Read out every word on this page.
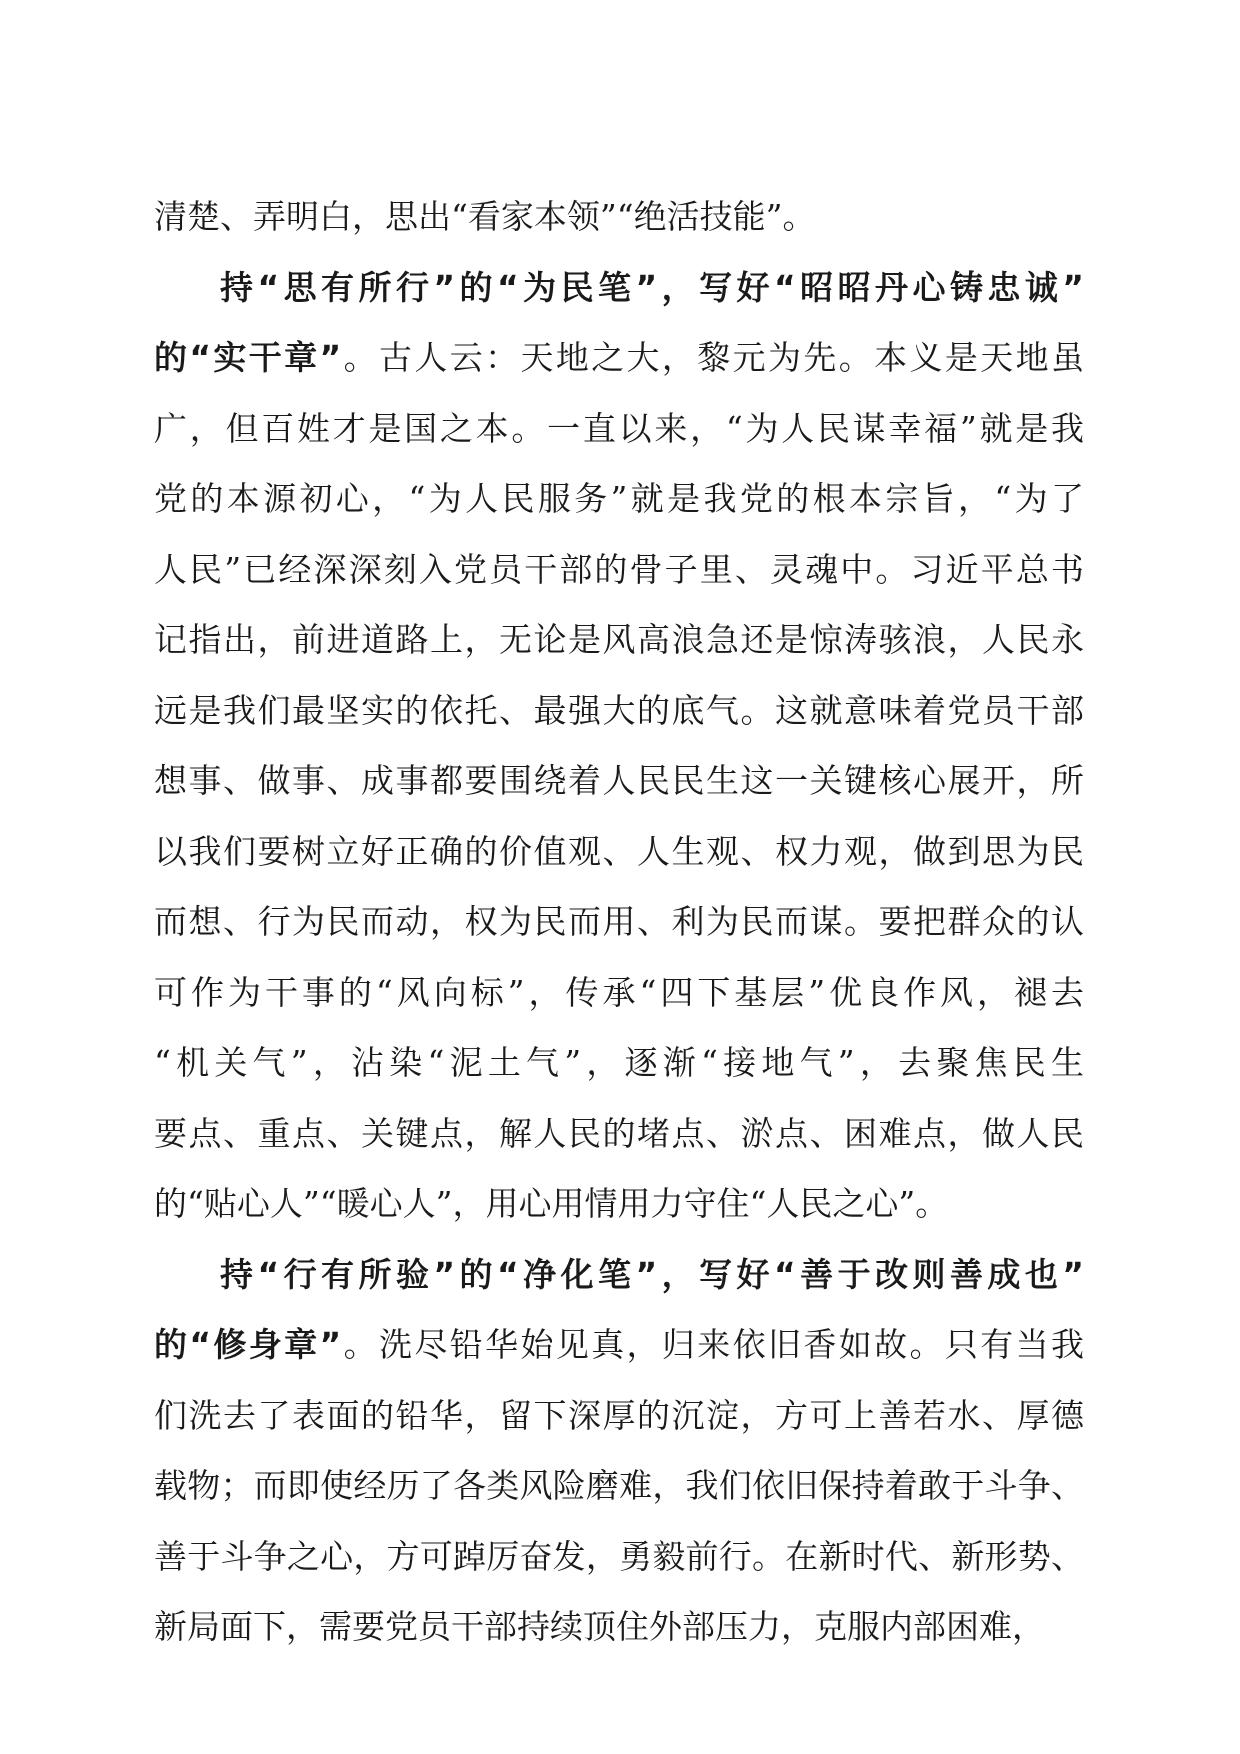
清楚、弄明白，思出“看家本领”“绝活技能”。
持“思有所行”的“为民笔”，写好“昭昭丹心铸忠诚”
的“实干章”。古人云：天地之大，黎元为先。本义是天地虽
广，但百姓才是国之本。一直以来，“为人民谋幸福”就是我
党的本源初心，“为人民服务”就是我党的根本宗旨，“为了
人民”已经深深刻入党员干部的骨子里、灵魂中。习近平总书
记指出，前进道路上，无论是风高浪急还是惊涛骇浪，人民永
远是我们最坚实的依托、最强大的底气。这就意味着党员干部
想事、做事、成事都要围绕着人民民生这一关键核心展开，所
以我们要树立好正确的价值观、人生观、权力观，做到思为民
而想、行为民而动，权为民而用、利为民而谋。要把群众的认
可作为干事的“风向标”，传承“四下基层”优良作风，褪去
“机关气”，沾染“泥土气”，逐渐“接地气”，去聚焦民生
要点、重点、关键点，解人民的堵点、淤点、困难点，做人民
的“贴心人”“暖心人”，用心用情用力守住“人民之心”。
持“行有所验”的“净化笔”，写好“善于改则善成也”
的“修身章”。洗尽铅华始见真，归来依旧香如故。只有当我
们洗去了表面的铅华，留下深厚的沉淀，方可上善若水、厚德
载物；而即使经历了各类风险磨难，我们依旧保持着敢于斗争、
善于斗争之心，方可踔厉奋发，勇毅前行。在新时代、新形势、
新局面下，需要党员干部持续顶住外部压力，克服内部困难，
